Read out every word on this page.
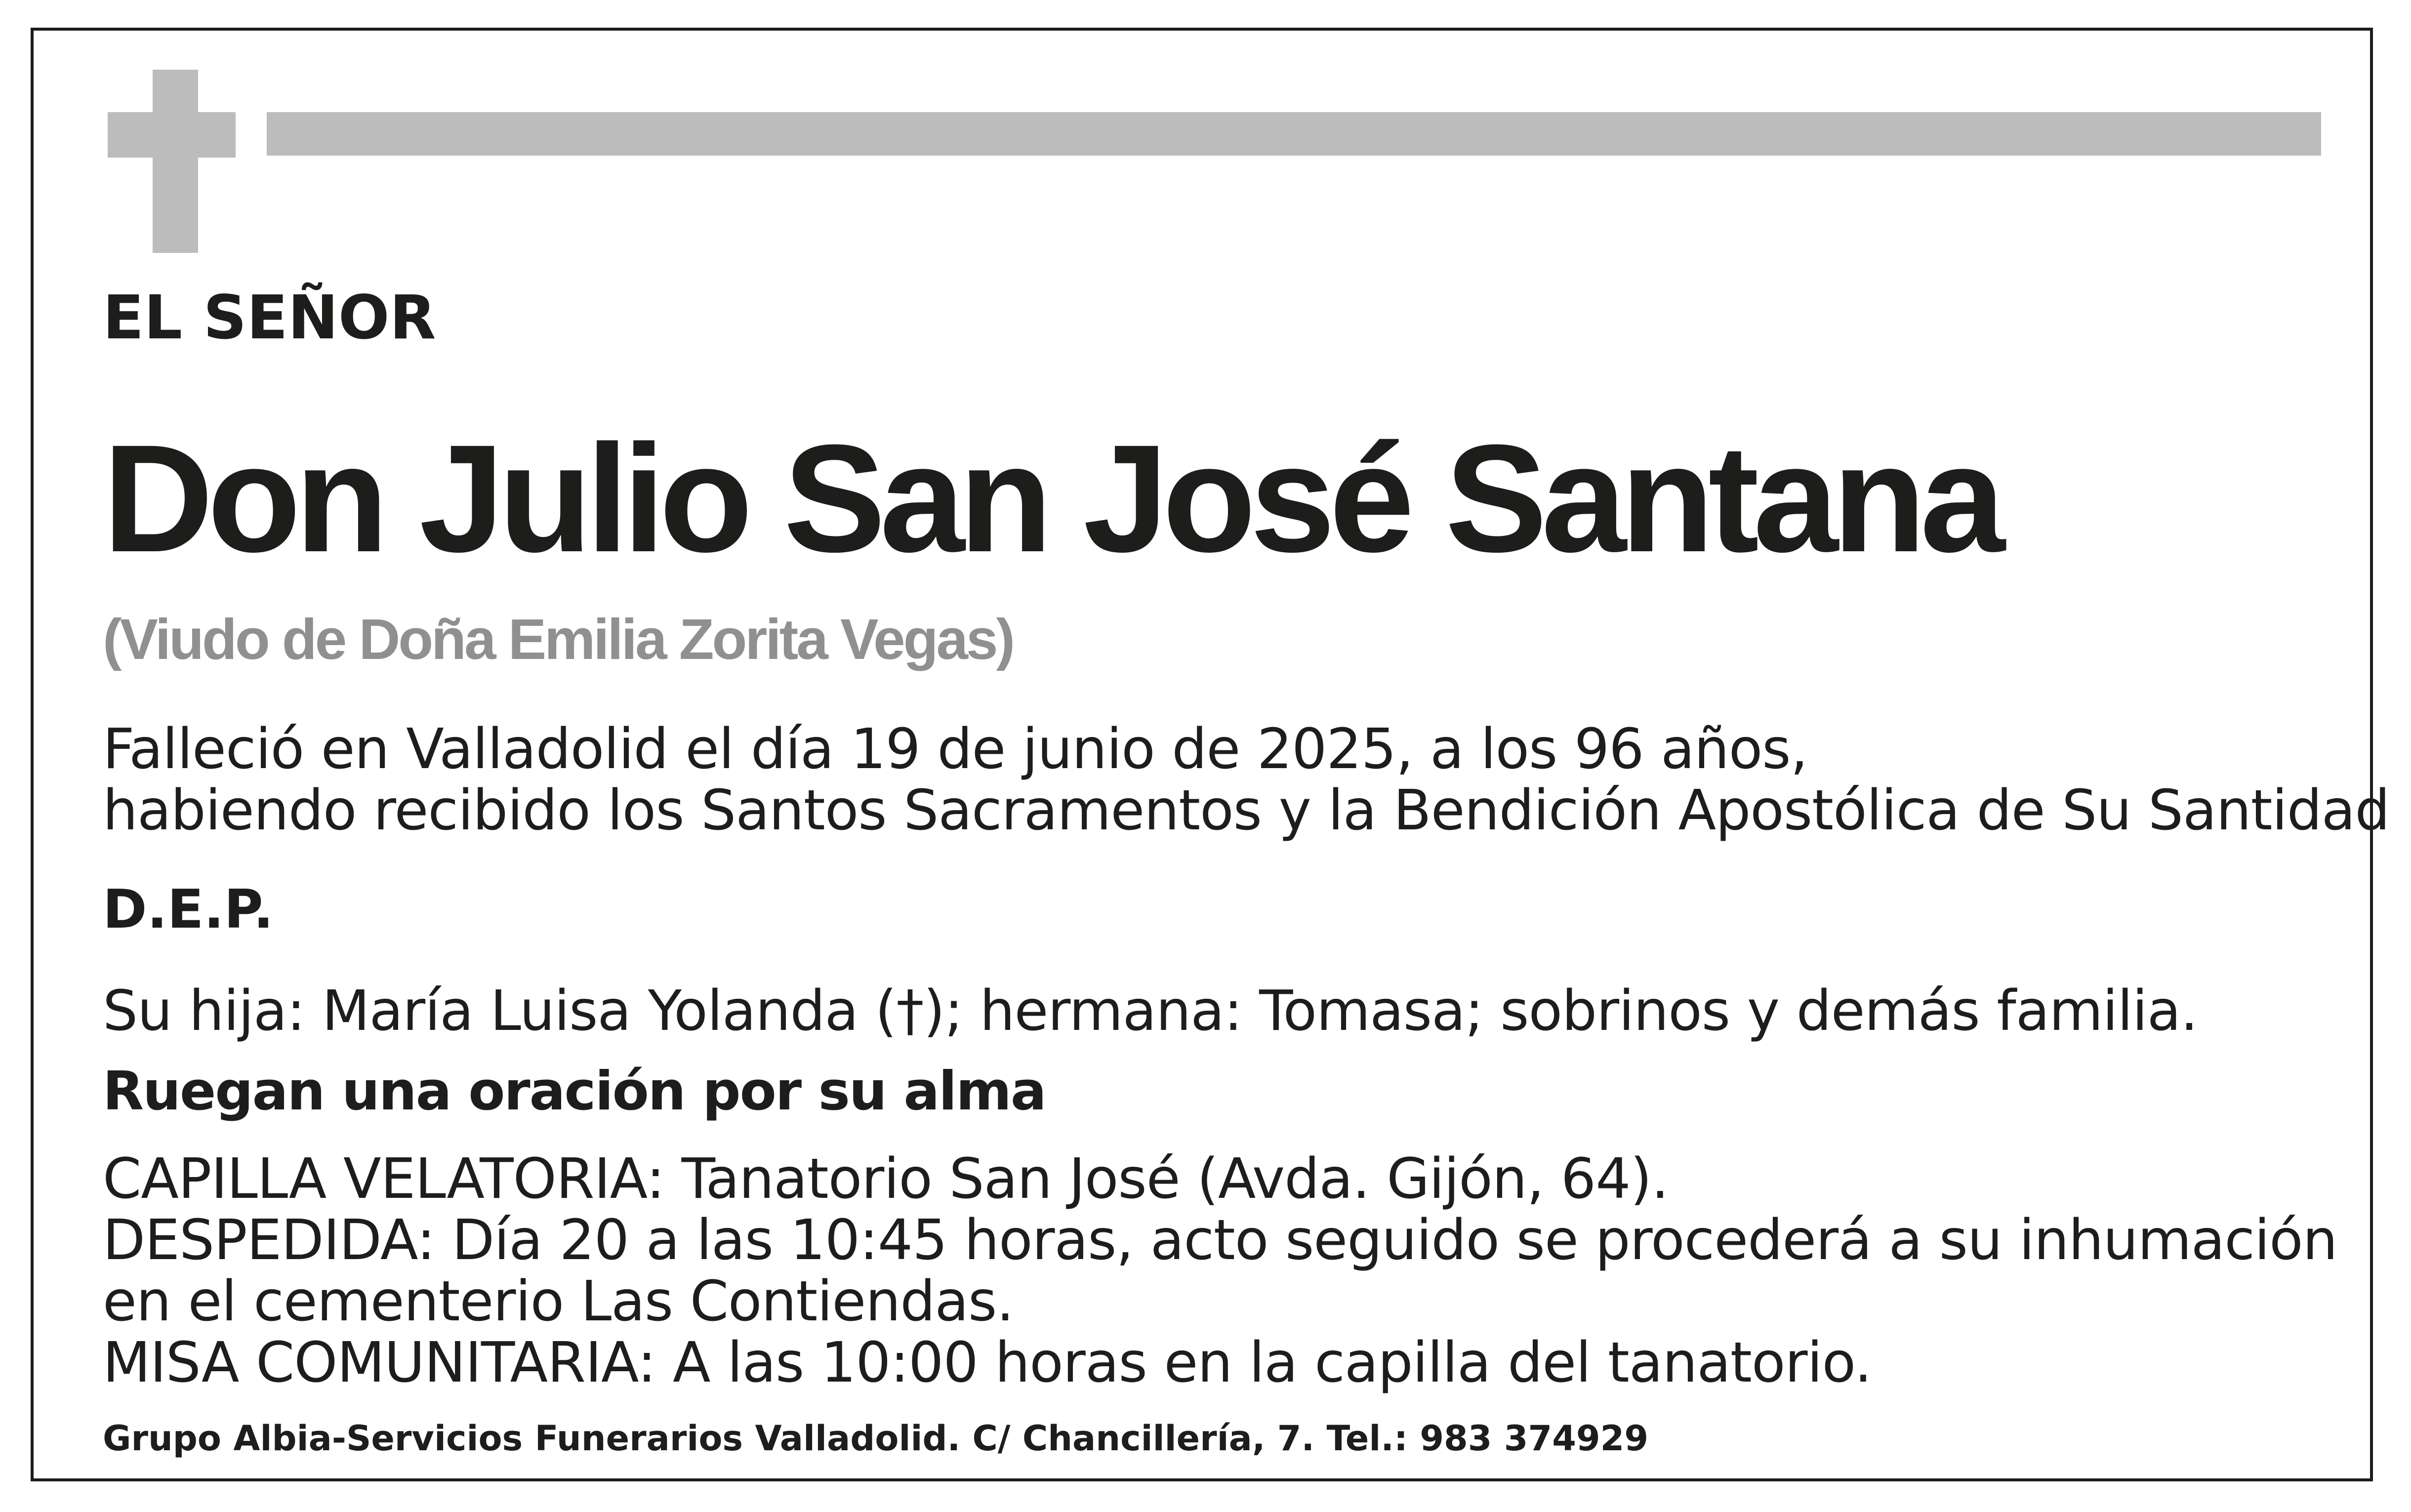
EL SEÑOR

Don Julio San José Santana

(Viudo de Doña Emilia Zorita Vegas)

Falleció en Valladolid el día 19 de junio de 2025, a los 96 años,

habiendo recibido los Santos Sacramentos y la Bendición Apostólica de Su Santidad

D.E.P.

Su hija: María Luisa Yolanda (†); hermana: Tomasa; sobrinos y demás familia.

Ruegan una oración por su alma

CAPILLA VELATORIA: Tanatorio San José (Avda. Gijón, 64).

DESPEDIDA: Día 20 a las 10:45 horas, acto seguido se procederá a su inhumación

en el cementerio Las Contiendas.

MISA COMUNITARIA: A las 10:00 horas en la capilla del tanatorio.

Grupo Albia-Servicios Funerarios Valladolid. C/ Chancillería, 7. Tel.: 983 374929
